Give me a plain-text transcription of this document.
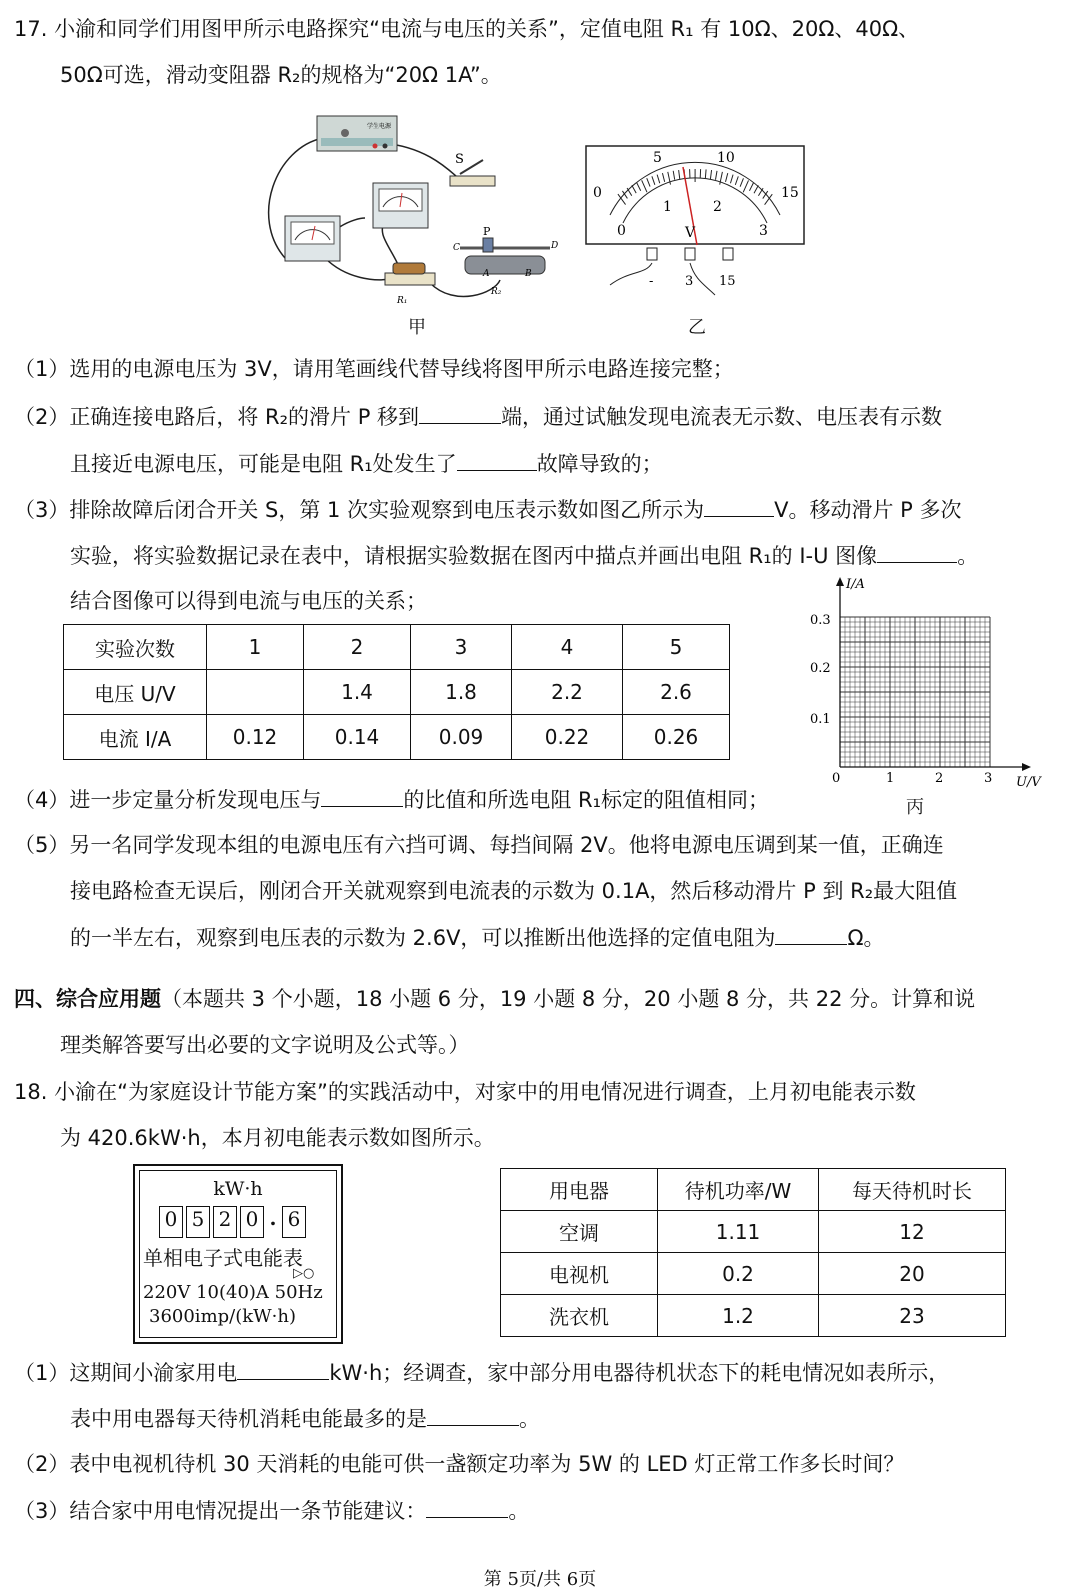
17. 小渝和同学们用图甲所示电路探究“电流与电压的关系”，定值电阻 R₁ 有 10Ω、20Ω、40Ω、
50Ω可选，滑动变阻器 R₂的规格为“20Ω 1A”。
学生电源
S
R₁
P
C	D
A	B
R₂
甲
0
5	10
15
0
1	2
3
V
- 3 15
乙
（1）选用的电源电压为 3V，请用笔画线代替导线将图甲所示电路连接完整；
（2）正确连接电路后，将 R₂的滑片 P 移到	端，通过试触发现电流表无示数、电压表有示数
且接近电源电压，可能是电阻 R₁处发生了	故障导致的；
（3）排除故障后闭合开关 S，第 1 次实验观察到电压表示数如图乙所示为	V。移动滑片 P 多次
实验，将实验数据记录在表中，请根据实验数据在图丙中描点并画出电阻 R₁的 I-U 图像	。
结合图像可以得到电流与电压的关系；
实验次数	1	2	3	4	5
电压 U/V		1.4	1.8	2.2	2.6
电流 I/A	0.12	0.14	0.09	0.22	0.26
I/A
U/V
0.3
0.2
0.1
0	1	2	3
丙
（4）进一步定量分析发现电压与	的比值和所选电阻 R₁标定的阻值相同；
（5）另一名同学发现本组的电源电压有六挡可调、每挡间隔 2V。他将电源电压调到某一值，正确连
接电路检查无误后，刚闭合开关就观察到电流表的示数为 0.1A，然后移动滑片 P 到 R₂最大阻值
的一半左右，观察到电压表的示数为 2.6V，可以推断出他选择的定值电阻为	Ω。
四、综合应用题（本题共 3 个小题，18 小题 6 分，19 小题 8 分，20 小题 8 分，共 22 分。计算和说
理类解答要写出必要的文字说明及公式等。）
18. 小渝在“为家庭设计节能方案”的实践活动中，对家中的用电情况进行调查，上月初电能表示数
为 420.6kW·h，本月初电能表示数如图所示。
kW·h
0 5 2 0 . 6
单相电子式电能表
▷○
220V 10(40)A 50Hz
3600imp/(kW·h)
用电器	待机功率/W	每天待机时长
空调	1.11	12
电视机	0.2	20
洗衣机	1.2	23
（1）这期间小渝家用电	kW·h；经调查，家中部分用电器待机状态下的耗电情况如表所示，
表中用电器每天待机消耗电能最多的是	。
（2）表中电视机待机 30 天消耗的电能可供一盏额定功率为 5W 的 LED 灯正常工作多长时间？
（3）结合家中用电情况提出一条节能建议：	。
第 5页/共 6页
